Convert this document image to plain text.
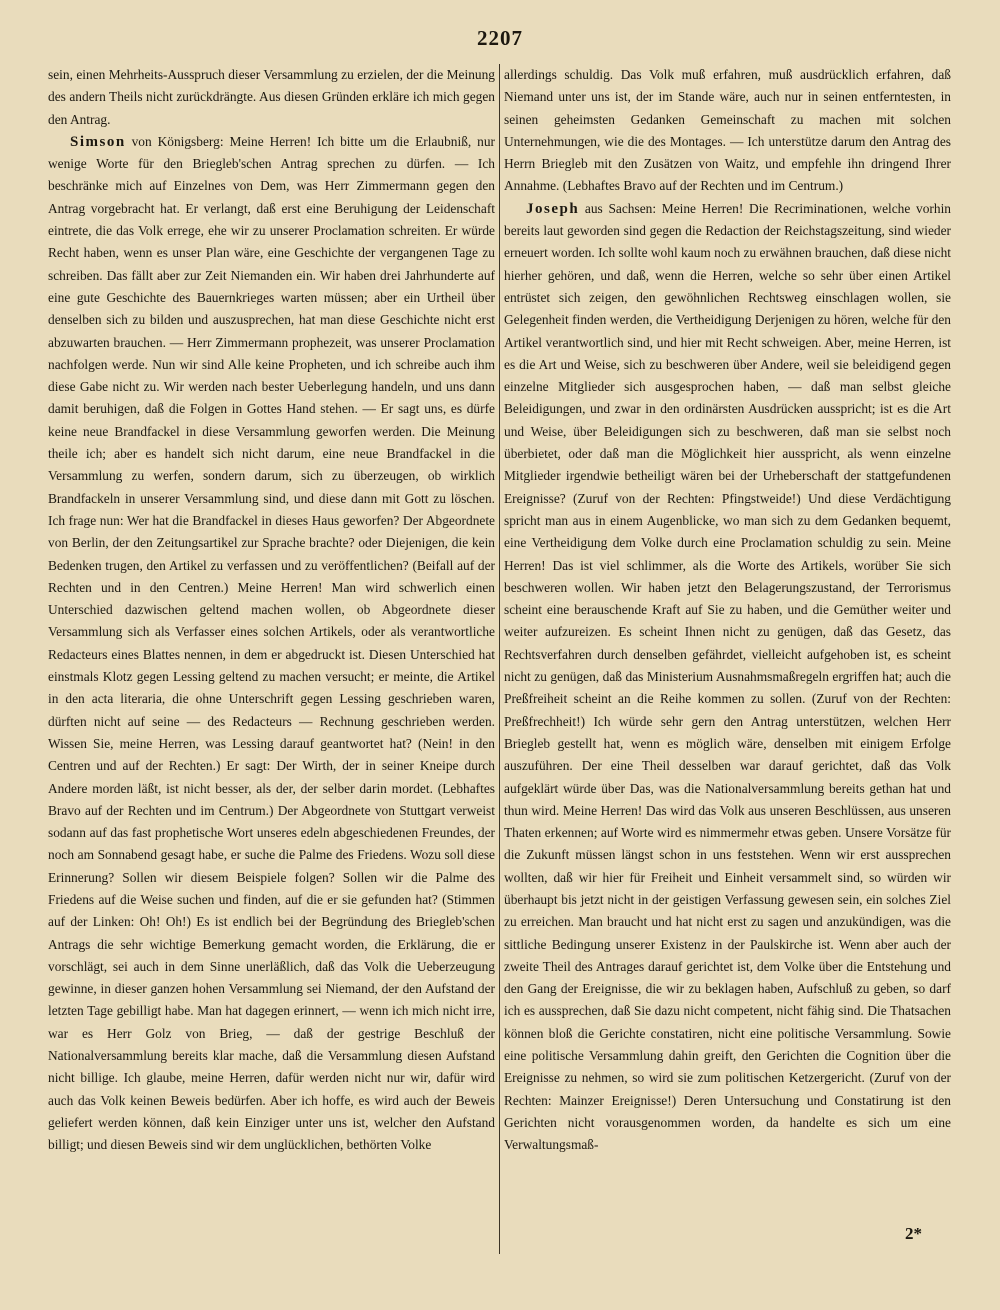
2207

sein, einen Mehrheits-Ausspruch dieser Versammlung zu erzielen, der die Meinung des andern Theils nicht zurückdrängte. Aus diesen Gründen erkläre ich mich gegen den Antrag.

Simson von Königsberg: Meine Herren! Ich bitte um die Erlaubniß, nur wenige Worte für den Briegleb'schen Antrag sprechen zu dürfen. — Ich beschränke mich auf Einzelnes von Dem, was Herr Zimmermann gegen den Antrag vorgebracht hat. Er verlangt, daß erst eine Beruhigung der Leidenschaft eintrete, die das Volk errege, ehe wir zu unserer Proclamation schreiten. Er würde Recht haben, wenn es unser Plan wäre, eine Geschichte der vergangenen Tage zu schreiben. Das fällt aber zur Zeit Niemanden ein. Wir haben drei Jahrhunderte auf eine gute Geschichte des Bauernkrieges warten müssen; aber ein Urtheil über denselben sich zu bilden und auszusprechen, hat man diese Geschichte nicht erst abzuwarten brauchen. — Herr Zimmermann prophezeit, was unserer Proclamation nachfolgen werde. Nun wir sind Alle keine Propheten, und ich schreibe auch ihm diese Gabe nicht zu. Wir werden nach bester Ueberlegung handeln, und uns dann damit beruhigen, daß die Folgen in Gottes Hand stehen. — Er sagt uns, es dürfe keine neue Brandfackel in diese Versammlung geworfen werden. Die Meinung theile ich; aber es handelt sich nicht darum, eine neue Brandfackel in die Versammlung zu werfen, sondern darum, sich zu überzeugen, ob wirklich Brandfackeln in unserer Versammlung sind, und diese dann mit Gott zu löschen. Ich frage nun: Wer hat die Brandfackel in dieses Haus geworfen? Der Abgeordnete von Berlin, der den Zeitungsartikel zur Sprache brachte? oder Diejenigen, die kein Bedenken trugen, den Artikel zu verfassen und zu veröffentlichen? (Beifall auf der Rechten und in den Centren.) Meine Herren! Man wird schwerlich einen Unterschied dazwischen geltend machen wollen, ob Abgeordnete dieser Versammlung sich als Verfasser eines solchen Artikels, oder als verantwortliche Redacteurs eines Blattes nennen, in dem er abgedruckt ist. Diesen Unterschied hat einstmals Klotz gegen Lessing geltend zu machen versucht; er meinte, die Artikel in den acta literaria, die ohne Unterschrift gegen Lessing geschrieben waren, dürften nicht auf seine — des Redacteurs — Rechnung geschrieben werden. Wissen Sie, meine Herren, was Lessing darauf geantwortet hat? (Nein! in den Centren und auf der Rechten.) Er sagt: Der Wirth, der in seiner Kneipe durch Andere morden läßt, ist nicht besser, als der, der selber darin mordet. (Lebhaftes Bravo auf der Rechten und im Centrum.) Der Abgeordnete von Stuttgart verweist sodann auf das fast prophetische Wort unseres edeln abgeschiedenen Freundes, der noch am Sonnabend gesagt habe, er suche die Palme des Friedens. Wozu soll diese Erinnerung? Sollen wir diesem Beispiele folgen? Sollen wir die Palme des Friedens auf die Weise suchen und finden, auf die er sie gefunden hat? (Stimmen auf der Linken: Oh! Oh!) Es ist endlich bei der Begründung des Briegleb'schen Antrags die sehr wichtige Bemerkung gemacht worden, die Erklärung, die er vorschlägt, sei auch in dem Sinne unerläßlich, daß das Volk die Ueberzeugung gewinne, in dieser ganzen hohen Versammlung sei Niemand, der den Aufstand der letzten Tage gebilligt habe. Man hat dagegen erinnert, — wenn ich mich nicht irre, war es Herr Golz von Brieg, — daß der gestrige Beschluß der Nationalversammlung bereits klar mache, daß die Versammlung diesen Aufstand nicht billige. Ich glaube, meine Herren, dafür werden nicht nur wir, dafür wird auch das Volk keinen Beweis bedürfen. Aber ich hoffe, es wird auch der Beweis geliefert werden können, daß kein Einziger unter uns ist, welcher den Aufstand billigt; und diesen Beweis sind wir dem unglücklichen, bethörten Volke

allerdings schuldig. Das Volk muß erfahren, muß ausdrücklich erfahren, daß Niemand unter uns ist, der im Stande wäre, auch nur in seinen entferntesten, in seinen geheimsten Gedanken Gemeinschaft zu machen mit solchen Unternehmungen, wie die des Montages. — Ich unterstütze darum den Antrag des Herrn Briegleb mit den Zusätzen von Waitz, und empfehle ihn dringend Ihrer Annahme. (Lebhaftes Bravo auf der Rechten und im Centrum.)

Joseph aus Sachsen: Meine Herren! Die Recriminationen, welche vorhin bereits laut geworden sind gegen die Redaction der Reichstagszeitung, sind wieder erneuert worden. Ich sollte wohl kaum noch zu erwähnen brauchen, daß diese nicht hierher gehören, und daß, wenn die Herren, welche so sehr über einen Artikel entrüstet sich zeigen, den gewöhnlichen Rechtsweg einschlagen wollen, sie Gelegenheit finden werden, die Vertheidigung Derjenigen zu hören, welche für den Artikel verantwortlich sind, und hier mit Recht schweigen. Aber, meine Herren, ist es die Art und Weise, sich zu beschweren über Andere, weil sie beleidigend gegen einzelne Mitglieder sich ausgesprochen haben, — daß man selbst gleiche Beleidigungen, und zwar in den ordinärsten Ausdrücken ausspricht; ist es die Art und Weise, über Beleidigungen sich zu beschweren, daß man sie selbst noch überbietet, oder daß man die Möglichkeit hier ausspricht, als wenn einzelne Mitglieder irgendwie betheiligt wären bei der Urheberschaft der stattgefundenen Ereignisse? (Zuruf von der Rechten: Pfingstweide!) Und diese Verdächtigung spricht man aus in einem Augenblicke, wo man sich zu dem Gedanken bequemt, eine Vertheidigung dem Volke durch eine Proclamation schuldig zu sein. Meine Herren! Das ist viel schlimmer, als die Worte des Artikels, worüber Sie sich beschweren wollen. Wir haben jetzt den Belagerungszustand, der Terrorismus scheint eine berauschende Kraft auf Sie zu haben, und die Gemüther weiter und weiter aufzureizen. Es scheint Ihnen nicht zu genügen, daß das Gesetz, das Rechtsverfahren durch denselben gefährdet, vielleicht aufgehoben ist, es scheint nicht zu genügen, daß das Ministerium Ausnahmsmaßregeln ergriffen hat; auch die Preßfreiheit scheint an die Reihe kommen zu sollen. (Zuruf von der Rechten: Preßfrechheit!) Ich würde sehr gern den Antrag unterstützen, welchen Herr Briegleb gestellt hat, wenn es möglich wäre, denselben mit einigem Erfolge auszuführen. Der eine Theil desselben war darauf gerichtet, daß das Volk aufgeklärt würde über Das, was die Nationalversammlung bereits gethan hat und thun wird. Meine Herren! Das wird das Volk aus unseren Beschlüssen, aus unseren Thaten erkennen; auf Worte wird es nimmermehr etwas geben. Unsere Vorsätze für die Zukunft müssen längst schon in uns feststehen. Wenn wir erst aussprechen wollten, daß wir hier für Freiheit und Einheit versammelt sind, so würden wir überhaupt bis jetzt nicht in der geistigen Verfassung gewesen sein, ein solches Ziel zu erreichen. Man braucht und hat nicht erst zu sagen und anzukündigen, was die sittliche Bedingung unserer Existenz in der Paulskirche ist. Wenn aber auch der zweite Theil des Antrages darauf gerichtet ist, dem Volke über die Entstehung und den Gang der Ereignisse, die wir zu beklagen haben, Aufschluß zu geben, so darf ich es aussprechen, daß Sie dazu nicht competent, nicht fähig sind. Die Thatsachen können bloß die Gerichte constatiren, nicht eine politische Versammlung. Sowie eine politische Versammlung dahin greift, den Gerichten die Cognition über die Ereignisse zu nehmen, so wird sie zum politischen Ketzergericht. (Zuruf von der Rechten: Mainzer Ereignisse!) Deren Untersuchung und Constatirung ist den Gerichten nicht vorausgenommen worden, da handelte es sich um eine Verwaltungsmaß-

2*
